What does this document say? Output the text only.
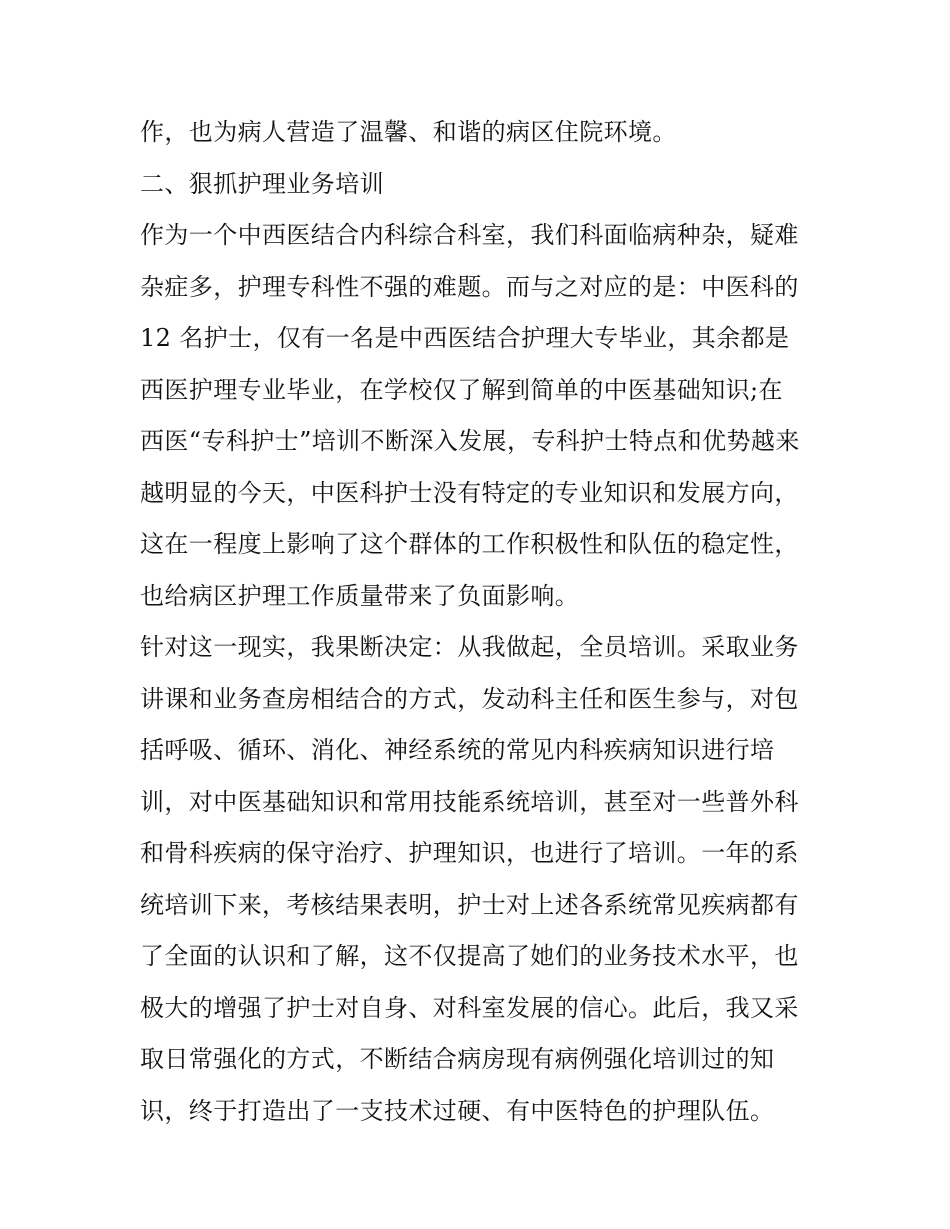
作，也为病人营造了温馨、和谐的病区住院环境。
二、狠抓护理业务培训
作为一个中西医结合内科综合科室，我们科面临病种杂，疑难
杂症多，护理专科性不强的难题。而与之对应的是：中医科的
12 名护士，仅有一名是中西医结合护理大专毕业，其余都是
西医护理专业毕业，在学校仅了解到简单的中医基础知识;在
西医“专科护士”培训不断深入发展，专科护士特点和优势越来
越明显的今天，中医科护士没有特定的专业知识和发展方向，
这在一程度上影响了这个群体的工作积极性和队伍的稳定性，
也给病区护理工作质量带来了负面影响。
针对这一现实，我果断决定：从我做起，全员培训。采取业务
讲课和业务查房相结合的方式，发动科主任和医生参与，对包
括呼吸、循环、消化、神经系统的常见内科疾病知识进行培
训，对中医基础知识和常用技能系统培训，甚至对一些普外科
和骨科疾病的保守治疗、护理知识，也进行了培训。一年的系
统培训下来，考核结果表明，护士对上述各系统常见疾病都有
了全面的认识和了解，这不仅提高了她们的业务技术水平，也
极大的增强了护士对自身、对科室发展的信心。此后，我又采
取日常强化的方式，不断结合病房现有病例强化培训过的知
识，终于打造出了一支技术过硬、有中医特色的护理队伍。
